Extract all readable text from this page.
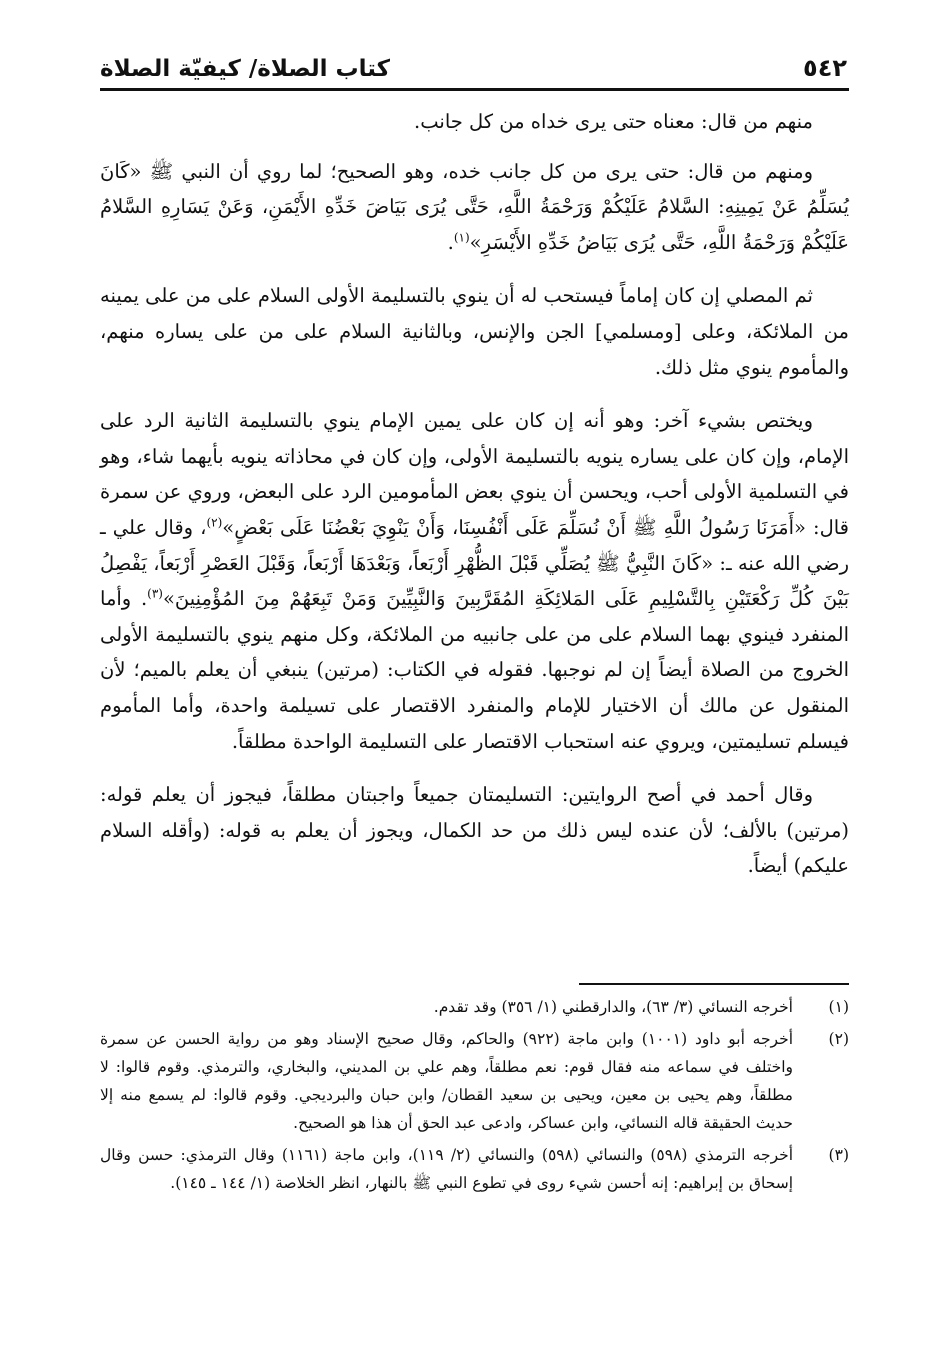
٥٤٢
كتاب الصلاة/ كيفيّة الصلاة

منهم من قال: معناه حتى يرى خداه من كل جانب.

ومنهم من قال: حتى يرى من كل جانب خده، وهو الصحيح؛ لما روي أن النبي ﷺ «كَانَ يُسَلِّمُ عَنْ يَمِينِهِ: السَّلامُ عَلَيْكُمْ وَرَحْمَةُ اللَّهِ، حَتَّى يُرَى بَيَاضَ خَدِّهِ الأَيْمَنِ، وَعَنْ يَسَارِهِ السَّلامُ عَلَيْكُمْ وَرَحْمَةُ اللَّهِ، حَتَّى يُرَى بَيَاضُ خَدِّهِ الأَيْسَرِ»$^{(١)}$.

ثم المصلي إن كان إماماً فيستحب له أن ينوي بالتسليمة الأولى السلام على من على يمينه من الملائكة، وعلى [ومسلمي] الجن والإنس، وبالثانية السلام على من على يساره منهم، والمأموم ينوي مثل ذلك.

ويختص بشيء آخر: وهو أنه إن كان على يمين الإمام ينوي بالتسليمة الثانية الرد على الإمام، وإن كان على يساره ينويه بالتسليمة الأولى، وإن كان في محاذاته ينويه بأيهما شاء، وهو في التسلمية الأولى أحب، ويحسن أن ينوي بعض المأمومين الرد على البعض، وروي عن سمرة قال: «أَمَرَنَا رَسُولُ اللَّهِ ﷺ أَنْ نُسَلِّمَ عَلَى أَنْفُسِنَا، وَأَنْ يَنْوِيَ بَعْضُنَا عَلَى بَعْضٍ»$^{(٢)}$، وقال علي ـ رضي الله عنه ـ: «كَانَ النَّبِيُّ ﷺ يُصَلِّي قَبْلَ الظُّهْرِ أَرْبَعاً، وَبَعْدَهَا أَرْبَعاً، وَقَبْلَ العَصْرِ أَرْبَعاً، يَفْصِلُ بَيْنَ كُلِّ رَكْعَتَيْنِ بِالتَّسْلِيمِ عَلَى المَلائِكَةِ المُقَرَّبِينَ وَالنَّبِيِّينَ وَمَنْ تَبِعَهُمْ مِنَ المُؤْمِنِينَ»$^{(٣)}$. وأما المنفرد فينوي بهما السلام على من على جانبيه من الملائكة، وكل منهم ينوي بالتسليمة الأولى الخروج من الصلاة أيضاً إن لم نوجبها. فقوله في الكتاب: (مرتين) ينبغي أن يعلم بالميم؛ لأن المنقول عن مالك أن الاختيار للإمام والمنفرد الاقتصار على تسيلمة واحدة، وأما المأموم فيسلم تسليمتين، ويروي عنه استحباب الاقتصار على التسليمة الواحدة مطلقاً.

وقال أحمد في أصح الروايتين: التسليمتان جميعاً واجبتان مطلقاً، فيجوز أن يعلم قوله: (مرتين) بالألف؛ لأن عنده ليس ذلك من حد الكمال، ويجوز أن يعلم به قوله: (وأقله السلام عليكم) أيضاً.

(١)
أخرجه النسائي (٣/ ٦٣)، والدارقطني (١/ ٣٥٦) وقد تقدم.
(٢)
أخرجه أبو داود (١٠٠١) وابن ماجة (٩٢٢) والحاكم، وقال صحيح الإسناد وهو من رواية الحسن عن سمرة واختلف في سماعه منه فقال قوم: نعم مطلقاً، وهم علي بن المديني، والبخاري، والترمذي. وقوم قالوا: لا مطلقاً، وهم يحيى بن معين، ويحيى بن سعيد القطان/ وابن حبان والبرديجي. وقوم قالوا: لم يسمع منه إلا حديث الحقيقة قاله النسائي، وابن عساكر، وادعى عبد الحق أن هذا هو الصحيح.
(٣)
أخرجه الترمذي (٥٩٨) والنسائي (٥٩٨) والنسائي (٢/ ١١٩)، وابن ماجة (١١٦١) وقال الترمذي: حسن وقال إسحاق بن إبراهيم: إنه أحسن شيء روى في تطوع النبي ﷺ بالنهار، انظر الخلاصة (١/ ١٤٤ ـ ١٤٥).
